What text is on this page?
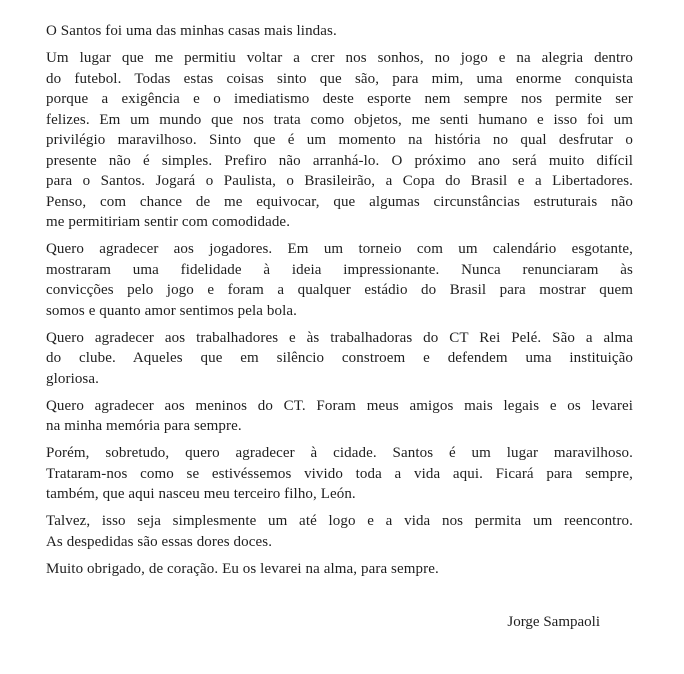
O Santos foi uma das minhas casas mais lindas.

Um lugar que me permitiu voltar a crer nos sonhos, no jogo e na alegria dentro
do futebol. Todas estas coisas sinto que são, para mim, uma enorme conquista
porque a exigência e o imediatismo deste esporte nem sempre nos permite ser
felizes. Em um mundo que nos trata como objetos, me senti humano e isso foi um
privilégio maravilhoso. Sinto que é um momento na história no qual desfrutar o
presente não é simples. Prefiro não arranhá-lo. O próximo ano será muito difícil
para o Santos. Jogará o Paulista, o Brasileirão, a Copa do Brasil e a Libertadores.
Penso, com chance de me equivocar, que algumas circunstâncias estruturais não
me permitiriam sentir com comodidade.

Quero agradecer aos jogadores. Em um torneio com um calendário esgotante,
mostraram uma fidelidade à ideia impressionante. Nunca renunciaram às
convicções pelo jogo e foram a qualquer estádio do Brasil para mostrar quem
somos e quanto amor sentimos pela bola.

Quero agradecer aos trabalhadores e às trabalhadoras do CT Rei Pelé. São a alma
do clube. Aqueles que em silêncio constroem e defendem uma instituição
gloriosa.

Quero agradecer aos meninos do CT. Foram meus amigos mais legais e os levarei
na minha memória para sempre.

Porém, sobretudo, quero agradecer à cidade. Santos é um lugar maravilhoso.
Trataram-nos como se estivéssemos vivido toda a vida aqui. Ficará para sempre,
também, que aqui nasceu meu terceiro filho, León.

Talvez, isso seja simplesmente um até logo e a vida nos permita um reencontro.
As despedidas são essas dores doces.

Muito obrigado, de coração. Eu os levarei na alma, para sempre.

Jorge Sampaoli
